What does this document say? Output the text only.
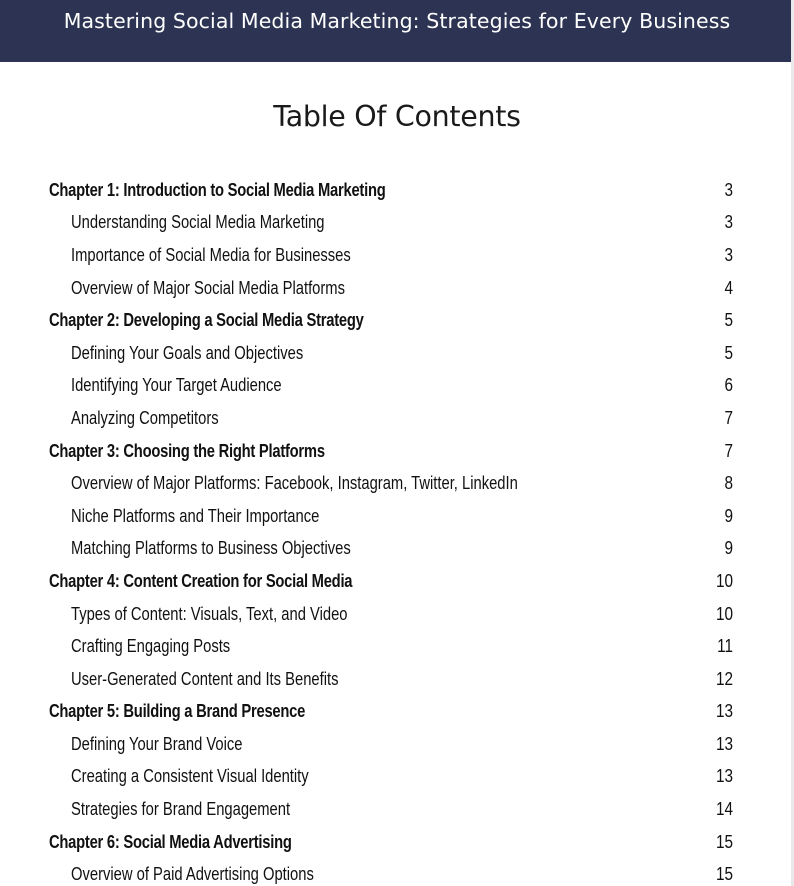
Mastering Social Media Marketing: Strategies for Every Business
Table Of Contents
Chapter 1: Introduction to Social Media Marketing	3
Understanding Social Media Marketing	3
Importance of Social Media for Businesses	3
Overview of Major Social Media Platforms	4
Chapter 2: Developing a Social Media Strategy	5
Defining Your Goals and Objectives	5
Identifying Your Target Audience	6
Analyzing Competitors	7
Chapter 3: Choosing the Right Platforms	7
Overview of Major Platforms: Facebook, Instagram, Twitter, LinkedIn	8
Niche Platforms and Their Importance	9
Matching Platforms to Business Objectives	9
Chapter 4: Content Creation for Social Media	10
Types of Content: Visuals, Text, and Video	10
Crafting Engaging Posts	11
User-Generated Content and Its Benefits	12
Chapter 5: Building a Brand Presence	13
Defining Your Brand Voice	13
Creating a Consistent Visual Identity	13
Strategies for Brand Engagement	14
Chapter 6: Social Media Advertising	15
Overview of Paid Advertising Options	15
